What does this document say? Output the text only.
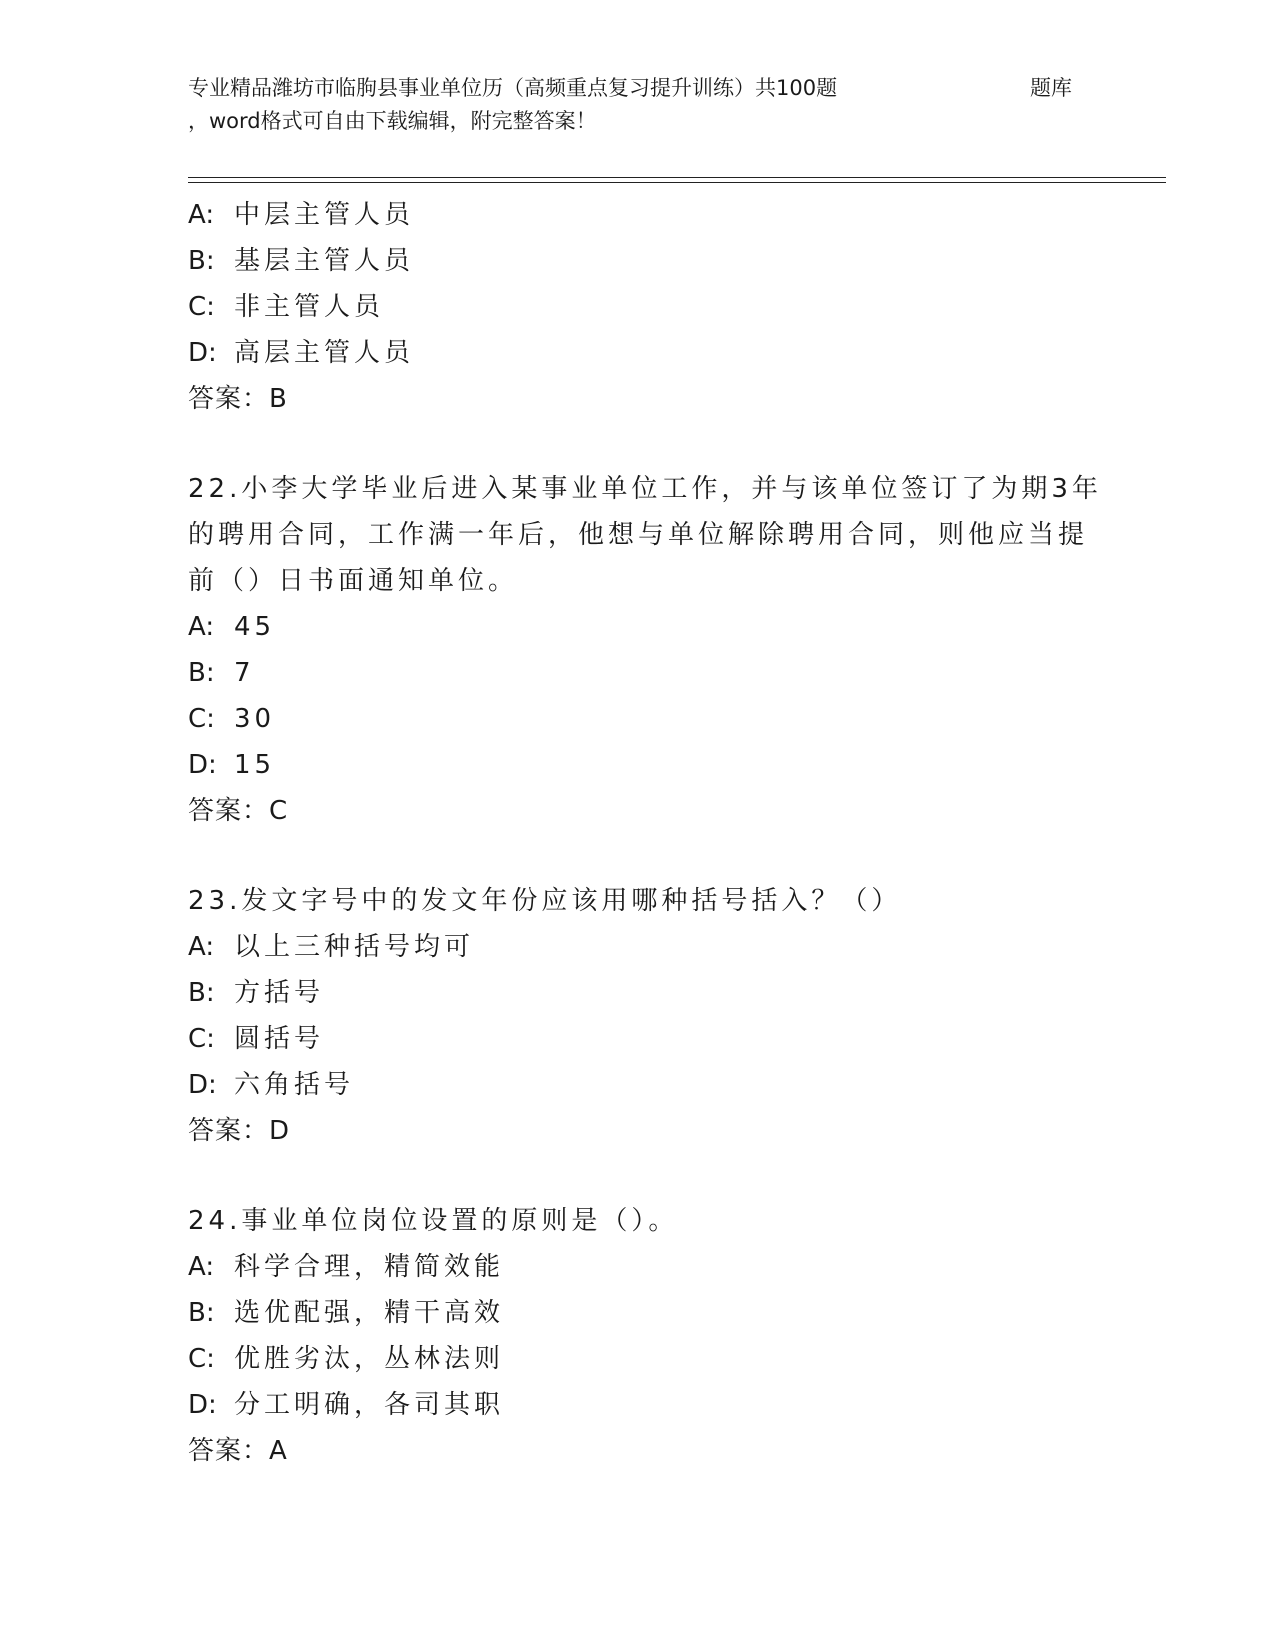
专业精品潍坊市临朐县事业单位历（高频重点复习提升训练）共100题	题库
，word格式可自由下载编辑，附完整答案！
A: 中层主管人员
B: 基层主管人员
C: 非主管人员
D: 高层主管人员
答案：B
22.小李大学毕业后进入某事业单位工作，并与该单位签订了为期3年
的聘用合同，工作满一年后，他想与单位解除聘用合同，则他应当提
前（）日书面通知单位。
A: 45
B: 7
C: 30
D: 15
答案：C
23.发文字号中的发文年份应该用哪种括号括入？（）
A: 以上三种括号均可
B: 方括号
C: 圆括号
D: 六角括号
答案：D
24.事业单位岗位设置的原则是（）。
A: 科学合理，精简效能
B: 选优配强，精干高效
C: 优胜劣汰，丛林法则
D: 分工明确，各司其职
答案：A
